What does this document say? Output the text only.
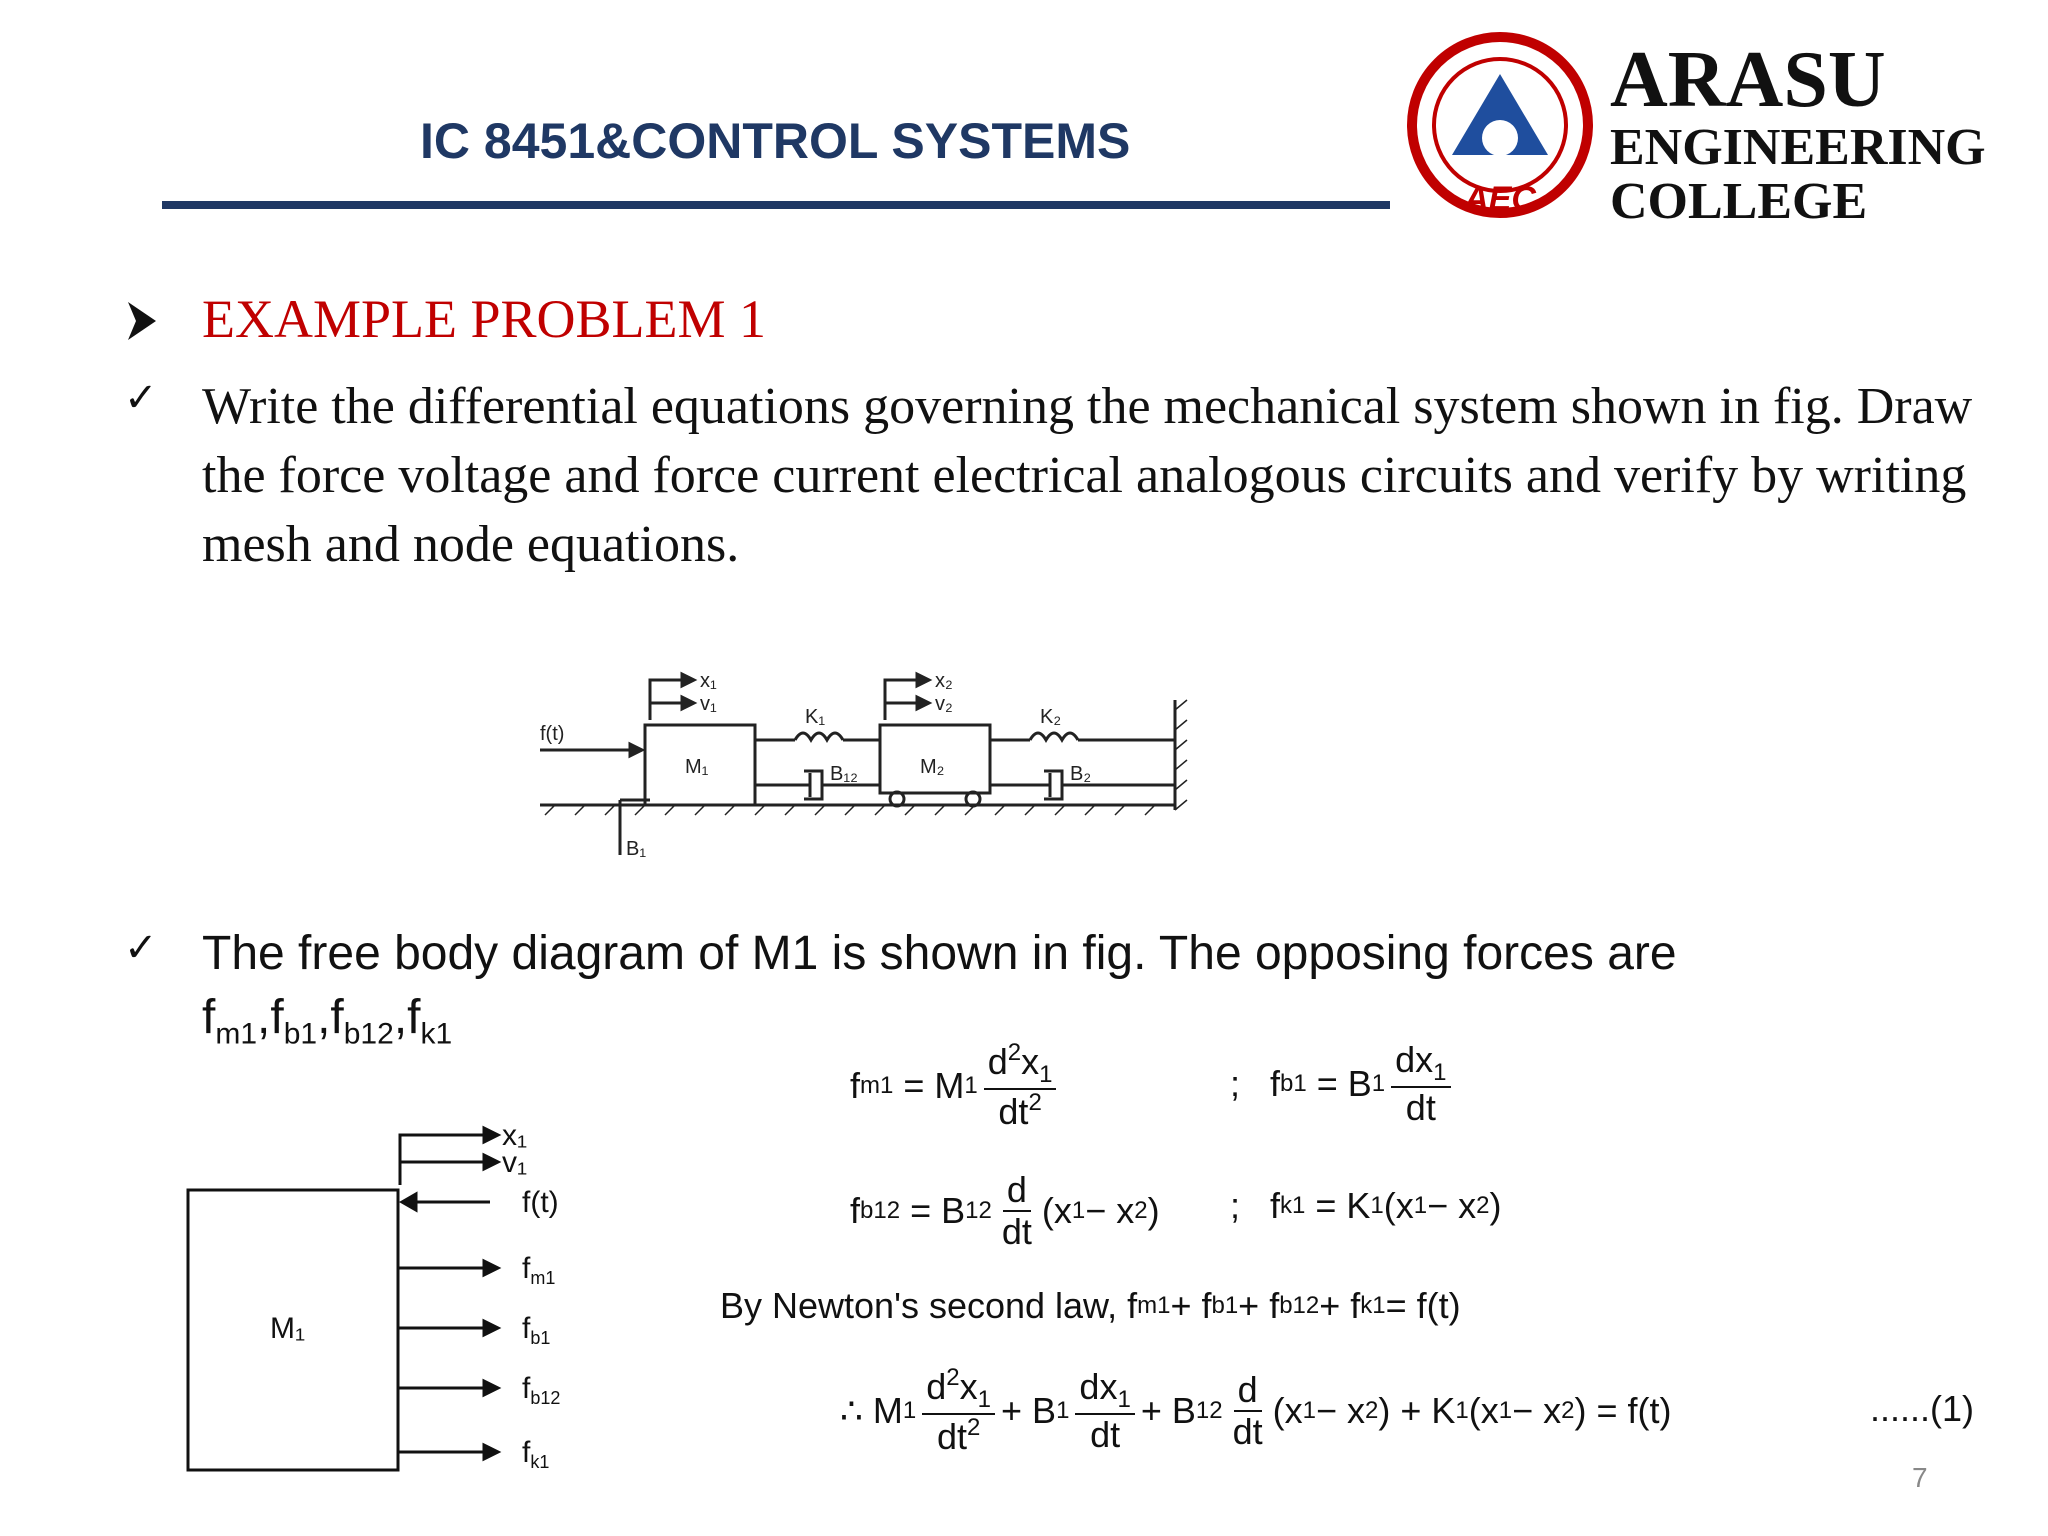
IC 8451&CONTROL SYSTEMS
AEC
ARASU
ENGINEERING
COLLEGE
EXAMPLE PROBLEM 1
✓ Write the differential equations governing the mechanical system shown in fig. Draw the force voltage and force current electrical analogous circuits and verify by writing mesh and node equations.
x₁
v₁
x₂
v₂
f(t)
M₁	M₂
K₁
B₁₂
K₂
B₂
B₁
✓ The free body diagram of M1 is shown in fig. The opposing forces are
$f_{m1},f_{b1},f_{b12},f_{k1}$
M₁
x₁
v₁
f(t)
$f_{m1}$
$f_{b1}$
$f_{b12}$
$f_{k1}$
f m1 = M $1 \frac{d^2x_1}{dt^2}$	;   f b1 = B $1 \frac{dx_1}{dt}$
f b12 = B $12 \frac{d}{dt} (x$ 1 − x 2 ) ;   f k1 = K 1 (x 1 − x 2 )
By Newton's second law, f m1 + f b1 + f b12 + f k1 = f(t)
∴ M $1 \frac{d^2x_1}{dt^2} + B$ $1 \frac{dx_1}{dt} + B$ $12 \frac{d}{dt} (x$ 1 − x 2 ) + K 1 (x 1 − x 2 ) = f(t)	......(1)
7
